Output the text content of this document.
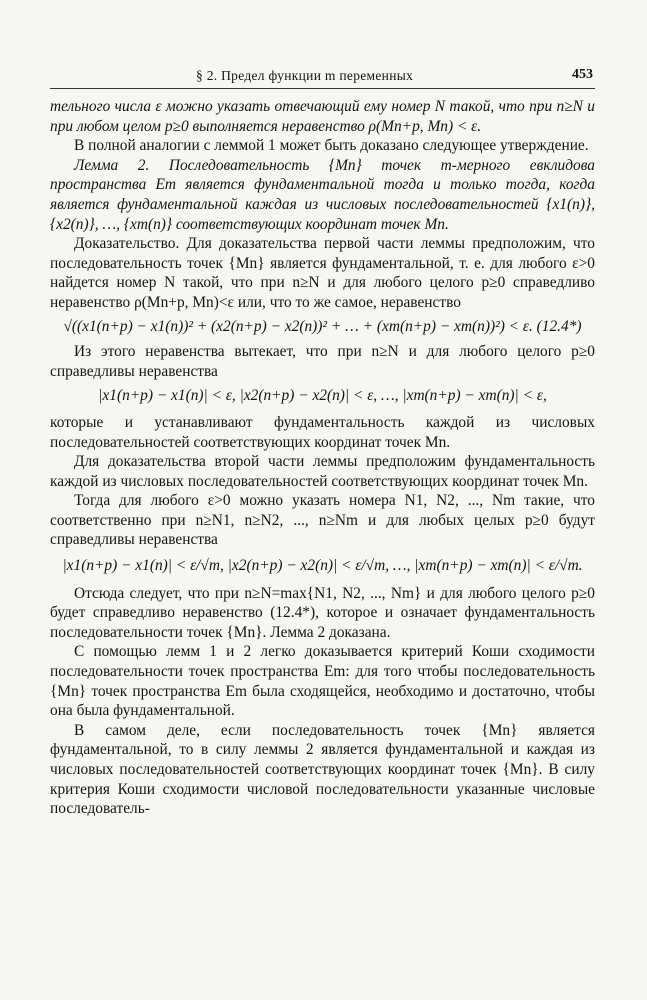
§ 2. Предел функции m переменных	453

тельного числа ε можно указать отвечающий ему номер N такой, что при n≥N и при любом целом p≥0 выполняется неравенство ρ(Mn+p, Mn) < ε.

В полной аналогии с леммой 1 может быть доказано следующее утверждение.

Лемма 2. Последовательность {Mn} точек m-мерного евклидова пространства Em является фундаментальной тогда и только тогда, когда является фундаментальной каждая из числовых последовательностей {x1(n)}, {x2(n)}, …, {xm(n)} соответствующих координат точек Mn.

Доказательство. Для доказательства первой части леммы предположим, что последовательность точек {Mn} является фундаментальной, т. е. для любого ε>0 найдется номер N такой, что при n≥N и для любого целого p≥0 справедливо неравенство ρ(Mn+p, Mn)<ε или, что то же самое, неравенство

√((x1(n+p) − x1(n))² + (x2(n+p) − x2(n))² + … + (xm(n+p) − xm(n))²) < ε. (12.4*)

Из этого неравенства вытекает, что при n≥N и для любого целого p≥0 справедливы неравенства

|x1(n+p) − x1(n)| < ε, |x2(n+p) − x2(n)| < ε, …, |xm(n+p) − xm(n)| < ε,

которые и устанавливают фундаментальность каждой из числовых последовательностей соответствующих координат точек Mn.

Для доказательства второй части леммы предположим фундаментальность каждой из числовых последовательностей соответствующих координат точек Mn.

Тогда для любого ε>0 можно указать номера N1, N2, ..., Nm такие, что соответственно при n≥N1, n≥N2, ..., n≥Nm и для любых целых p≥0 будут справедливы неравенства

|x1(n+p) − x1(n)| < ε/√m, |x2(n+p) − x2(n)| < ε/√m, …, |xm(n+p) − xm(n)| < ε/√m.

Отсюда следует, что при n≥N=max{N1, N2, ..., Nm} и для любого целого p≥0 будет справедливо неравенство (12.4*), которое и означает фундаментальность последовательности точек {Mn}. Лемма 2 доказана.

С помощью лемм 1 и 2 легко доказывается критерий Коши сходимости последовательности точек пространства Em: для того чтобы последовательность {Mn} точек пространства Em была сходящейся, необходимо и достаточно, чтобы она была фундаментальной.

В самом деле, если последовательность точек {Mn} является фундаментальной, то в силу леммы 2 является фундаментальной и каждая из числовых последовательностей соответствующих координат точек {Mn}. В силу критерия Коши сходимости числовой последовательности указанные числовые последователь-
